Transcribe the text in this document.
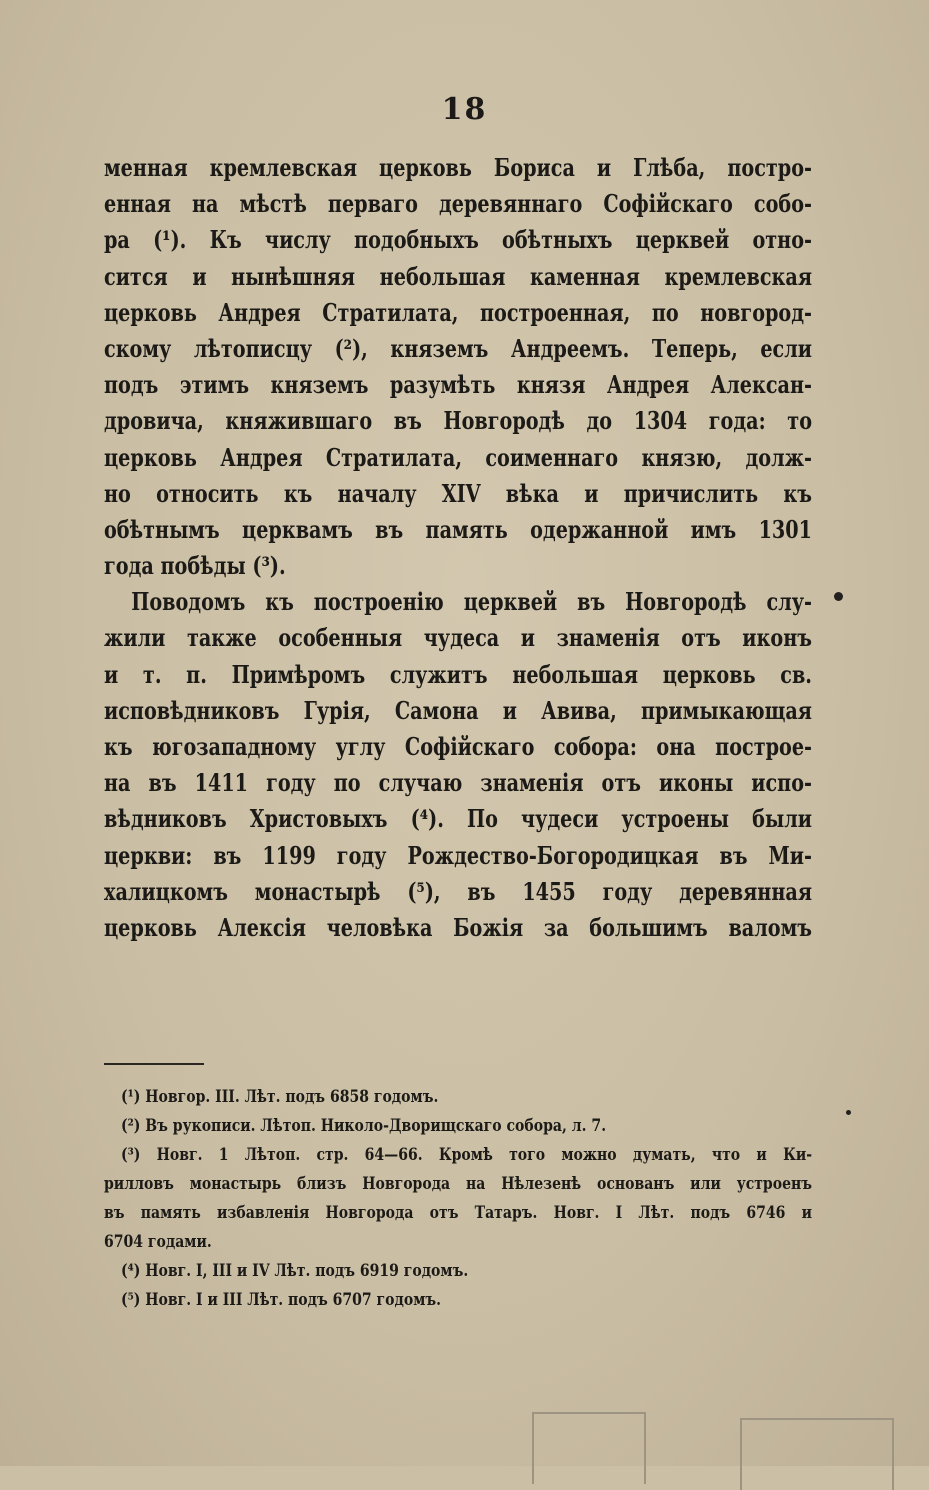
18
менная кремлевская церковь Бориса и Глѣба, постро-
енная на мѣстѣ перваго деревяннаго Софійскаго собо-
ра (¹). Къ числу подобныхъ обѣтныхъ церквей отно-
сится и нынѣшняя небольшая каменная кремлевская
церковь Андрея Стратилата, построенная, по новгород-
скому лѣтописцу (²), княземъ Андреемъ. Теперь, если
подъ этимъ княземъ разумѣть князя Андрея Алексан-
дровича, княжившаго въ Новгородѣ до 1304 года: то
церковь Андрея Стратилата, соименнаго князю, долж-
но относить къ началу XIV вѣка и причислить къ
обѣтнымъ церквамъ въ память одержанной имъ 1301
года побѣды (³).
Поводомъ къ построенію церквей въ Новгородѣ слу-
жили также особенныя чудеса и знаменія отъ иконъ
и т. п. Примѣромъ служитъ небольшая церковь св.
исповѣдниковъ Гурія, Самона и Авива, примыкающая
къ югозападному углу Софійскаго собора: она построе-
на въ 1411 году по случаю знаменія отъ иконы испо-
вѣдниковъ Христовыхъ (⁴). По чудеси устроены были
церкви: въ 1199 году Рождество-Богородицкая въ Ми-
халицкомъ монастырѣ (⁵), въ 1455 году деревянная
церковь Алексія человѣка Божія за большимъ валомъ
(¹) Новгор. III. Лѣт. подъ 6858 годомъ.
(²) Въ рукописи. Лѣтоп. Николо-Дворищскаго собора, л. 7.
(³) Новг. 1 Лѣтоп. стр. 64—66. Кромѣ того можно думать, что и Ки-
рилловъ монастырь близъ Новгорода на Нѣлезенѣ основанъ или устроенъ
въ память избавленія Новгорода отъ Татаръ. Новг. I Лѣт. подъ 6746 и
6704 годами.
(⁴) Новг. I, III и IV Лѣт. подъ 6919 годомъ.
(⁵) Новг. I и III Лѣт. подъ 6707 годомъ.
